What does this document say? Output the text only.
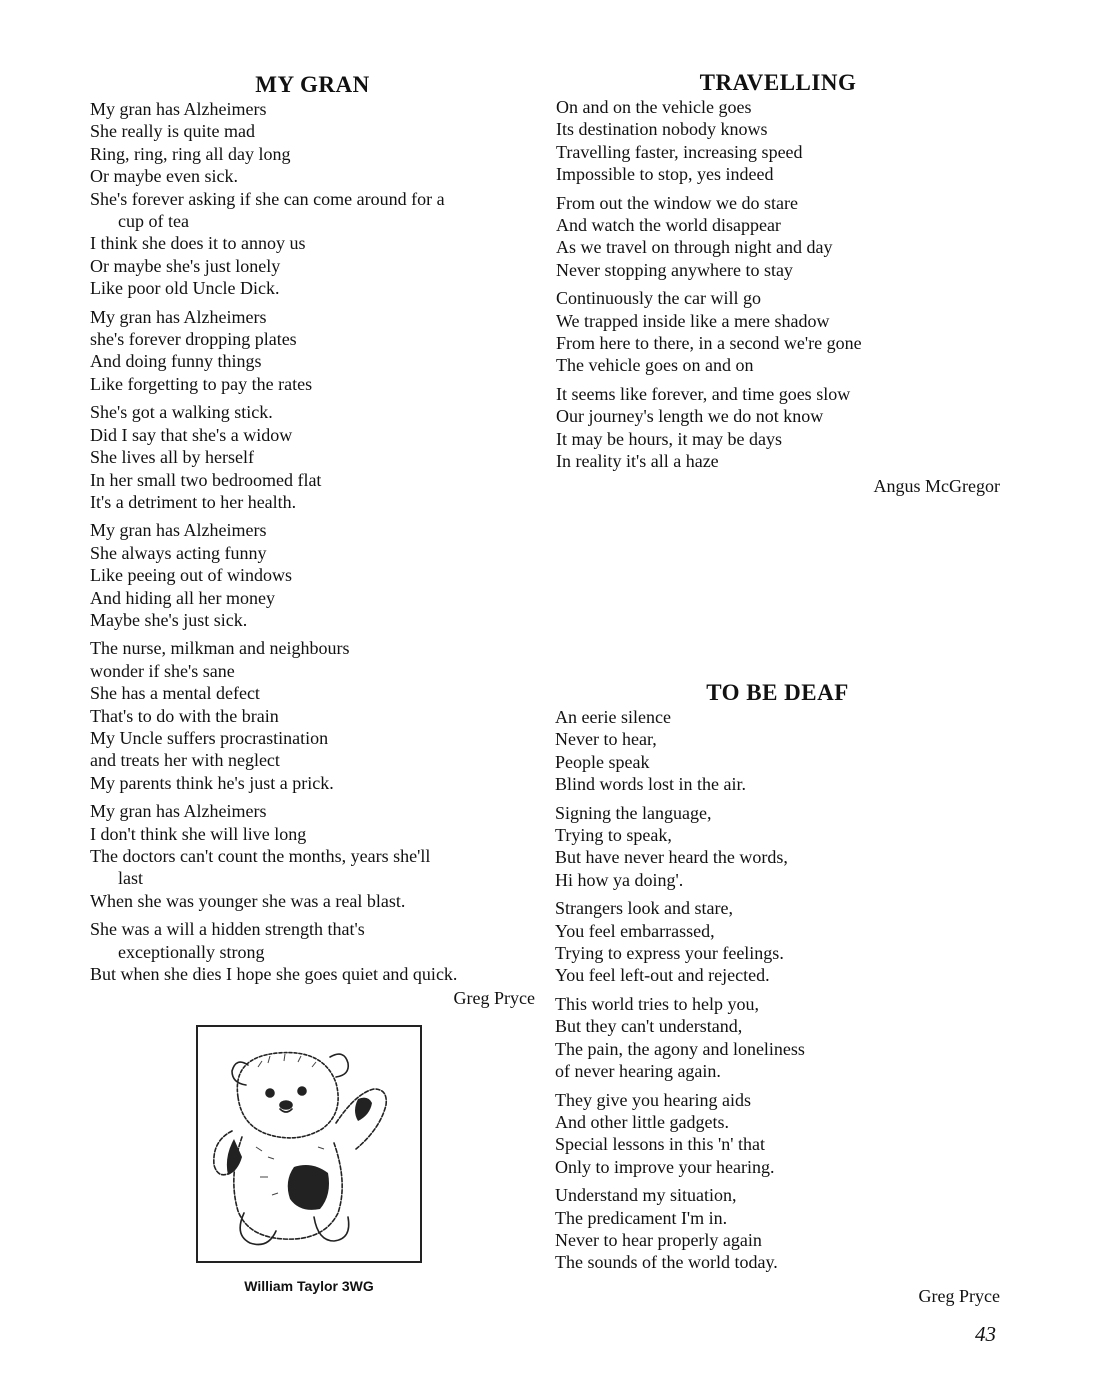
MY GRAN
My gran has Alzheimers
She really is quite mad
Ring, ring, ring all day long
Or maybe even sick.
She's forever asking if she can come around for a
cup of tea
I think she does it to annoy us
Or maybe she's just lonely
Like poor old Uncle Dick.
My gran has Alzheimers
she's forever dropping plates
And doing funny things
Like forgetting to pay the rates
She's got a walking stick.
Did I say that she's a widow
She lives all by herself
In her small two bedroomed flat
It's a detriment to her health.
My gran has Alzheimers
She always acting funny
Like peeing out of windows
And hiding all her money
Maybe she's just sick.
The nurse, milkman and neighbours
wonder if she's sane
She has a mental defect
That's to do with the brain
My Uncle suffers procrastination
and treats her with neglect
My parents think he's just a prick.
My gran has Alzheimers
I don't think she will live long
The doctors can't count the months, years she'll
last
When she was younger she was a real blast.
She was a will a hidden strength that's
exceptionally strong
But when she dies I hope she goes quiet and quick.
Greg Pryce
TRAVELLING
On and on the vehicle goes
Its destination nobody knows
Travelling faster, increasing speed
Impossible to stop, yes indeed
From out the window we do stare
And watch the world disappear
As we travel on through night and day
Never stopping anywhere to stay
Continuously the car will go
We trapped inside like a mere shadow
From here to there, in a second we're gone
The vehicle goes on and on
It seems like forever, and time goes slow
Our journey's length we do not know
It may be hours, it may be days
In reality it's all a haze
Angus McGregor
TO BE DEAF
An eerie silence
Never to hear,
People speak
Blind words lost in the air.
Signing the language,
Trying to speak,
But have never heard the words,
Hi how ya doing'.
Strangers look and stare,
You feel embarrassed,
Trying to express your feelings.
You feel left-out and rejected.
This world tries to help you,
But they can't understand,
The pain, the agony and loneliness
of never hearing again.
They give you hearing aids
And other little gadgets.
Special lessons in this 'n' that
Only to improve your hearing.
Understand my situation,
The predicament I'm in.
Never to hear properly again
The sounds of the world today.
Greg Pryce
William Taylor 3WG
43
